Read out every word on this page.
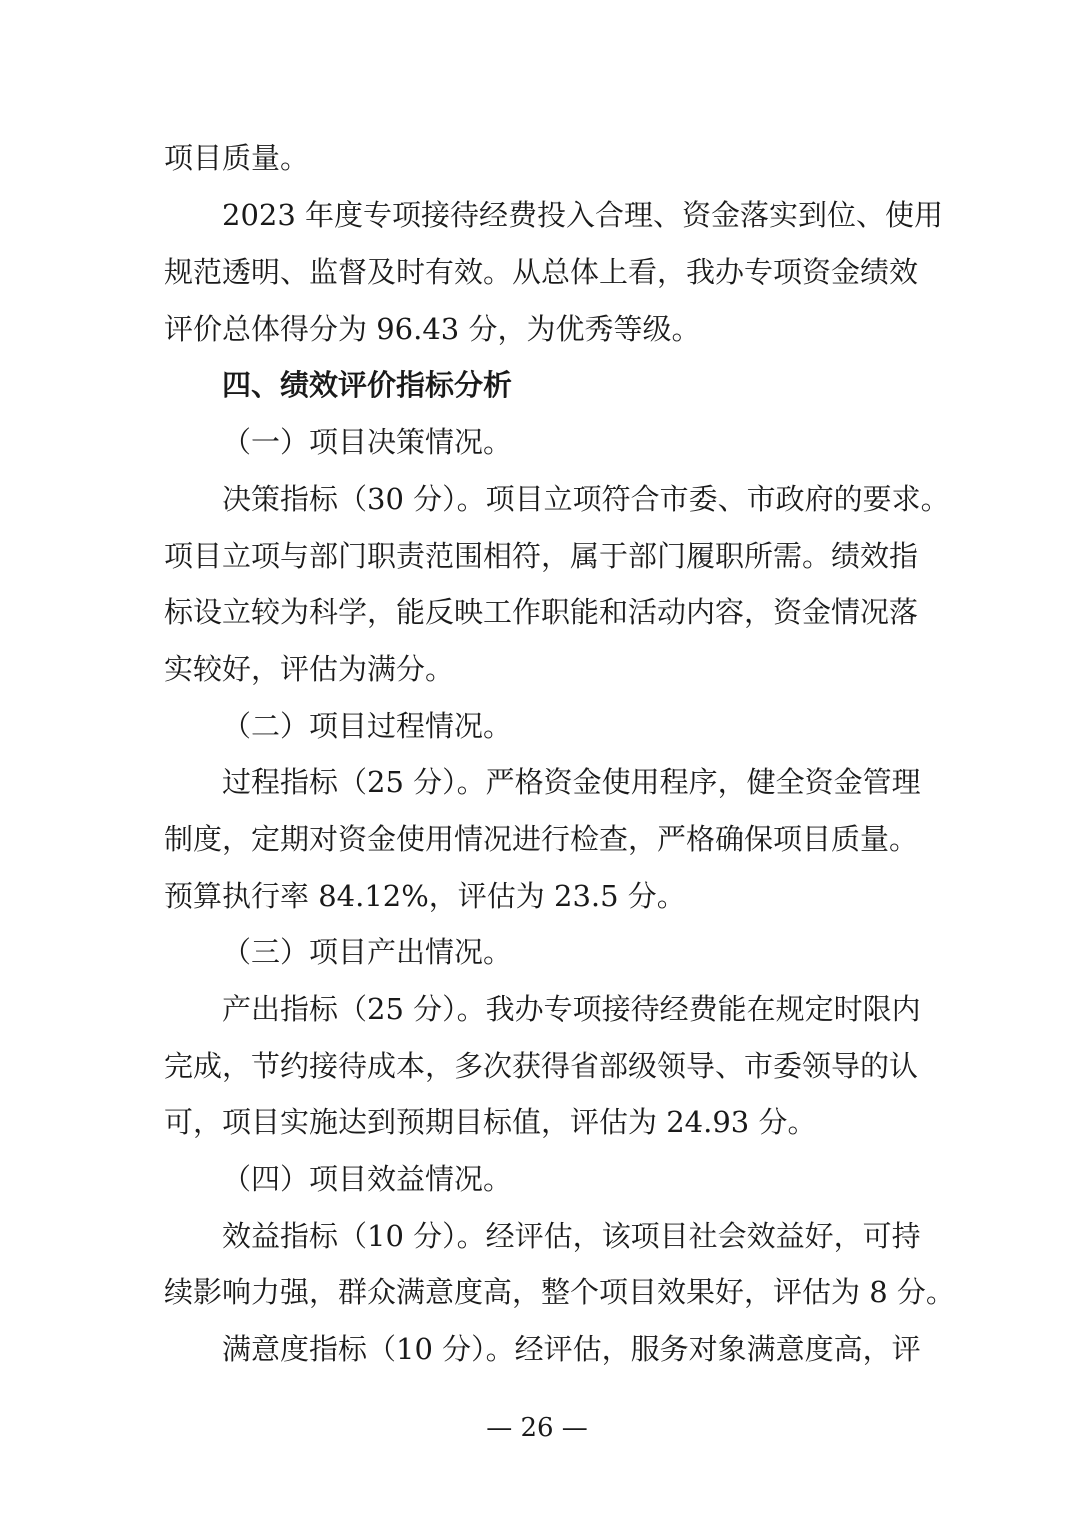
项目质量。
2023 年度专项接待经费投入合理、资金落实到位、使用
规范透明、监督及时有效。从总体上看，我办专项资金绩效
评价总体得分为 96.43 分，为优秀等级。
四、绩效评价指标分析
（一）项目决策情况。
决策指标（30 分）。项目立项符合市委、市政府的要求。
项目立项与部门职责范围相符，属于部门履职所需。绩效指
标设立较为科学，能反映工作职能和活动内容，资金情况落
实较好，评估为满分。
（二）项目过程情况。
过程指标（25 分）。严格资金使用程序，健全资金管理
制度，定期对资金使用情况进行检查，严格确保项目质量。
预算执行率 84.12%，评估为 23.5 分。
（三）项目产出情况。
产出指标（25 分）。我办专项接待经费能在规定时限内
完成，节约接待成本，多次获得省部级领导、市委领导的认
可，项目实施达到预期目标值，评估为 24.93 分。
（四）项目效益情况。
效益指标（10 分）。经评估，该项目社会效益好，可持
续影响力强，群众满意度高，整个项目效果好，评估为 8 分。
满意度指标（10 分）。经评估，服务对象满意度高，评
— 26 —
